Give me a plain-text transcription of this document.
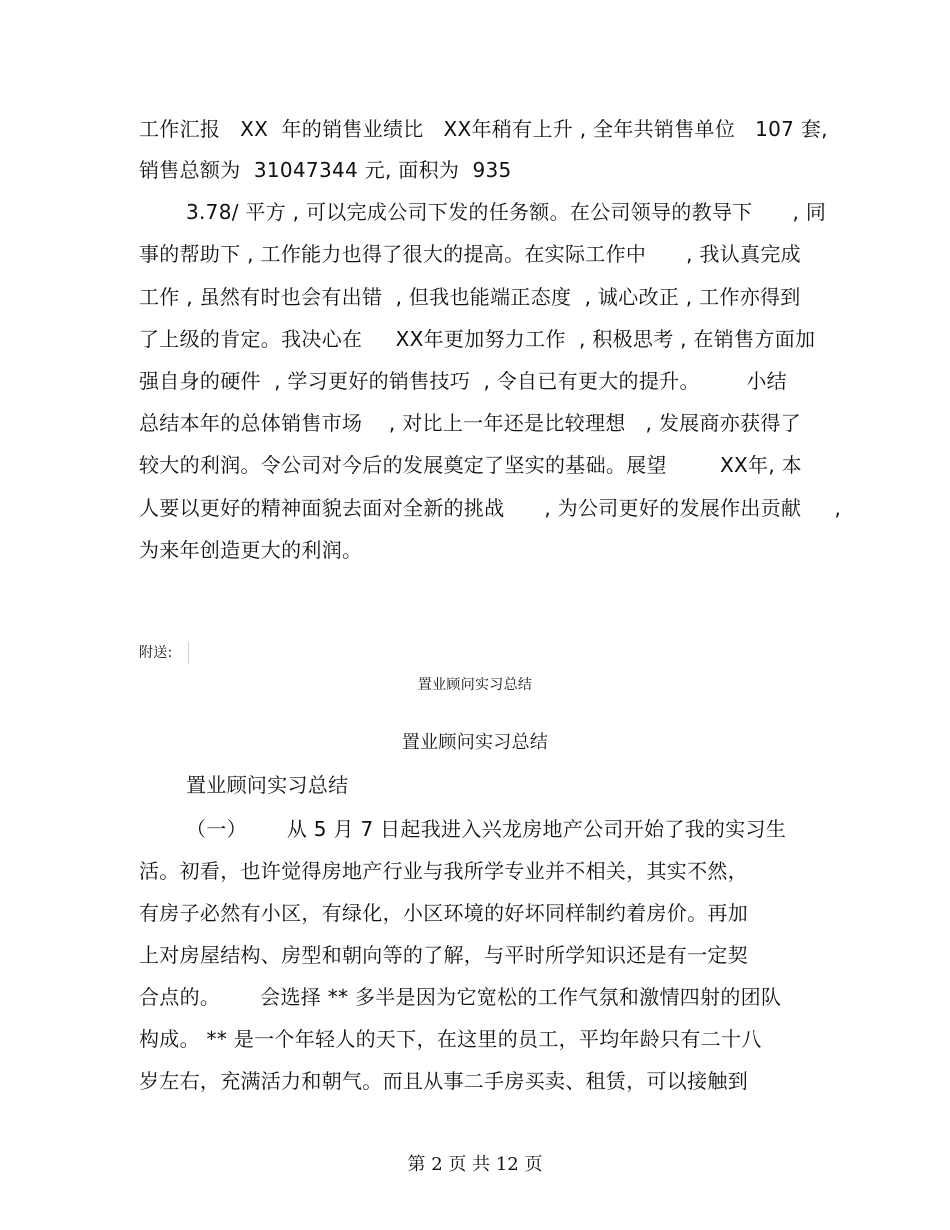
工作汇报   XX  年的销售业绩比   XX年稍有上升 , 全年共销售单位   107 套,
销售总额为  31047344 元, 面积为  935
3.78/ 平方 , 可以完成公司下发的任务额。在公司领导的教导下      , 同
事的帮助下 , 工作能力也得了很大的提高。在实际工作中      , 我认真完成
工作 , 虽然有时也会有出错  , 但我也能端正态度  , 诚心改正 , 工作亦得到
了上级的肯定。我决心在     XX年更加努力工作  , 积极思考 , 在销售方面加
强自身的硬件  , 学习更好的销售技巧  , 令自已有更大的提升。       小结
总结本年的总体销售市场    , 对比上一年还是比较理想   , 发展商亦获得了
较大的利润。令公司对今后的发展奠定了坚实的基础。展望        XX年, 本
人要以更好的精神面貌去面对全新的挑战      , 为公司更好的发展作出贡献     ,
为来年创造更大的利润。
附送:
置业顾问实习总结
置业顾问实习总结
置业顾问实习总结
（一）      从 5 月 7 日起我进入兴龙房地产公司开始了我的实习生
活。初看，也许觉得房地产行业与我所学专业并不相关，其实不然，
有房子必然有小区，有绿化，小区环境的好坏同样制约着房价。再加
上对房屋结构、房型和朝向等的了解，与平时所学知识还是有一定契
合点的。      会选择 ** 多半是因为它宽松的工作气氛和激情四射的团队
构成。 ** 是一个年轻人的天下，在这里的员工，平均年龄只有二十八
岁左右，充满活力和朝气。而且从事二手房买卖、租赁，可以接触到
第 2 页 共 12 页
